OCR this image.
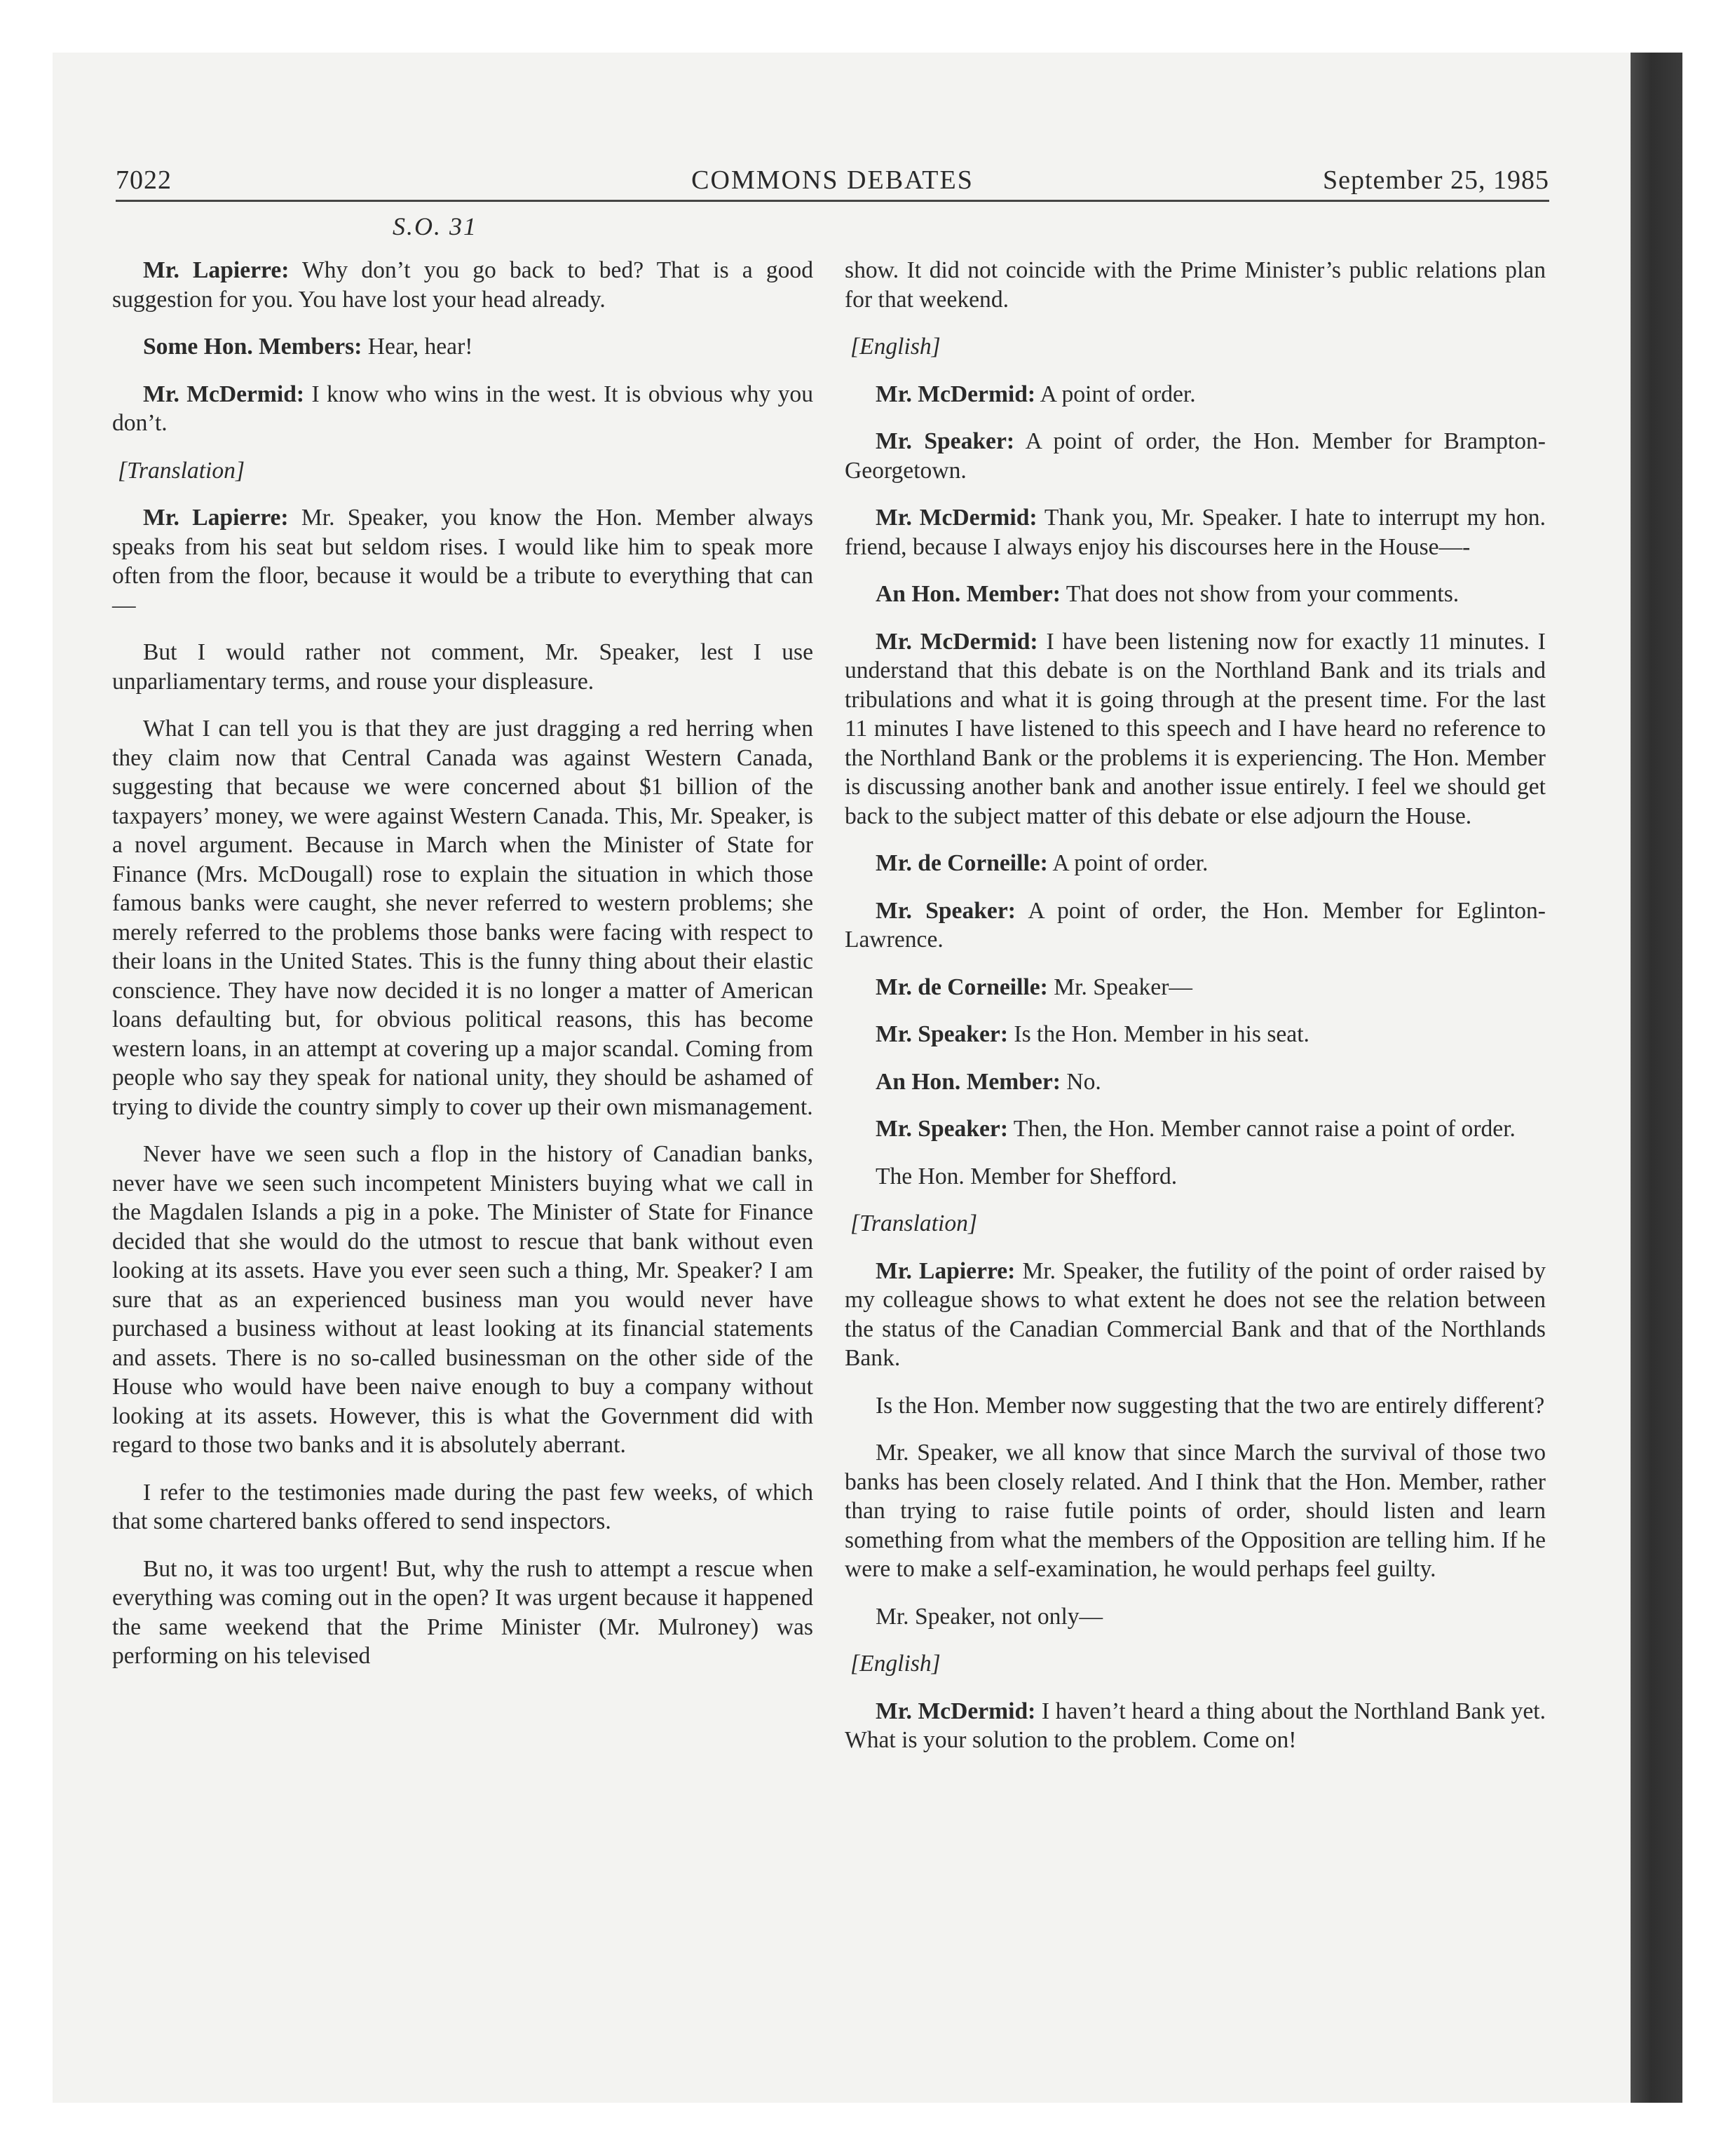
7022	COMMONS DEBATES	September 25, 1985
S.O. 31

Mr. Lapierre: Why don’t you go back to bed? That is a good suggestion for you. You have lost your head already.

Some Hon. Members: Hear, hear!

Mr. McDermid: I know who wins in the west. It is obvious why you don’t.

[Translation]

Mr. Lapierre: Mr. Speaker, you know the Hon. Member always speaks from his seat but seldom rises. I would like him to speak more often from the floor, because it would be a tribute to everything that can—

But I would rather not comment, Mr. Speaker, lest I use unparliamentary terms, and rouse your displeasure.

What I can tell you is that they are just dragging a red herring when they claim now that Central Canada was against Western Canada, suggesting that because we were concerned about $1 billion of the taxpayers’ money, we were against Western Canada. This, Mr. Speaker, is a novel argument. Because in March when the Minister of State for Finance (Mrs. McDougall) rose to explain the situation in which those famous banks were caught, she never referred to western problems; she merely referred to the problems those banks were facing with respect to their loans in the United States. This is the funny thing about their elastic conscience. They have now decided it is no longer a matter of American loans defaulting but, for obvious political reasons, this has become western loans, in an attempt at covering up a major scandal. Coming from people who say they speak for national unity, they should be ashamed of trying to divide the country simply to cover up their own mismanagement.

Never have we seen such a flop in the history of Canadian banks, never have we seen such incompetent Ministers buying what we call in the Magdalen Islands a pig in a poke. The Minister of State for Finance decided that she would do the utmost to rescue that bank without even looking at its assets. Have you ever seen such a thing, Mr. Speaker? I am sure that as an experienced business man you would never have purchased a business without at least looking at its financial statements and assets. There is no so-called businessman on the other side of the House who would have been naive enough to buy a company without looking at its assets. However, this is what the Government did with regard to those two banks and it is absolutely aberrant.

I refer to the testimonies made during the past few weeks, of which that some chartered banks offered to send inspectors.

But no, it was too urgent! But, why the rush to attempt a rescue when everything was coming out in the open? It was urgent because it happened the same weekend that the Prime Minister (Mr. Mulroney) was performing on his televised

show. It did not coincide with the Prime Minister’s public relations plan for that weekend.

[English]

Mr. McDermid: A point of order.

Mr. Speaker: A point of order, the Hon. Member for Brampton-Georgetown.

Mr. McDermid: Thank you, Mr. Speaker. I hate to interrupt my hon. friend, because I always enjoy his discourses here in the House—-

An Hon. Member: That does not show from your comments.

Mr. McDermid: I have been listening now for exactly 11 minutes. I understand that this debate is on the Northland Bank and its trials and tribulations and what it is going through at the present time. For the last 11 minutes I have listened to this speech and I have heard no reference to the Northland Bank or the problems it is experiencing. The Hon. Member is discussing another bank and another issue entirely. I feel we should get back to the subject matter of this debate or else adjourn the House.

Mr. de Corneille: A point of order.

Mr. Speaker: A point of order, the Hon. Member for Eglinton-Lawrence.

Mr. de Corneille: Mr. Speaker—

Mr. Speaker: Is the Hon. Member in his seat.

An Hon. Member: No.

Mr. Speaker: Then, the Hon. Member cannot raise a point of order.

The Hon. Member for Shefford.

[Translation]

Mr. Lapierre: Mr. Speaker, the futility of the point of order raised by my colleague shows to what extent he does not see the relation between the status of the Canadian Commercial Bank and that of the Northlands Bank.

Is the Hon. Member now suggesting that the two are entirely different?

Mr. Speaker, we all know that since March the survival of those two banks has been closely related. And I think that the Hon. Member, rather than trying to raise futile points of order, should listen and learn something from what the members of the Opposition are telling him. If he were to make a self-examination, he would perhaps feel guilty.

Mr. Speaker, not only—

[English]

Mr. McDermid: I haven’t heard a thing about the Northland Bank yet. What is your solution to the problem. Come on!
